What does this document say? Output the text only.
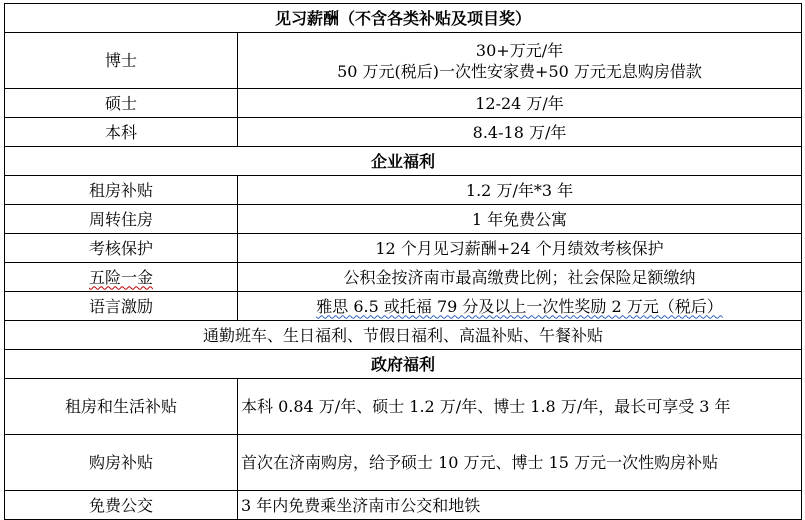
见习薪酬（不含各类补贴及项目奖）	
博士	30+万元/年
50 万元(税后)一次性安家费+50 万元无息购房借款

硕士	12-24 万/年
本科	8.4-18 万/年
企业福利	
租房补贴	1.2 万/年*3 年
周转住房	1 年免费公寓
考核保护	12 个月见习薪酬+24 个月绩效考核保护
五险一金	公积金按济南市最高缴费比例；社会保险足额缴纳
语言激励	雅思 6.5 或托福 79 分及以上一次性奖励 2 万元（税后）
通勤班车、生日福利、节假日福利、高温补贴、午餐补贴	
政府福利	
租房和生活补贴	本科 0.84 万/年、硕士 1.2 万/年、博士 1.8 万/年，最长可享受 3 年
购房补贴	首次在济南购房，给予硕士 10 万元、博士 15 万元一次性购房补贴
免费公交	3 年内免费乘坐济南市公交和地铁
